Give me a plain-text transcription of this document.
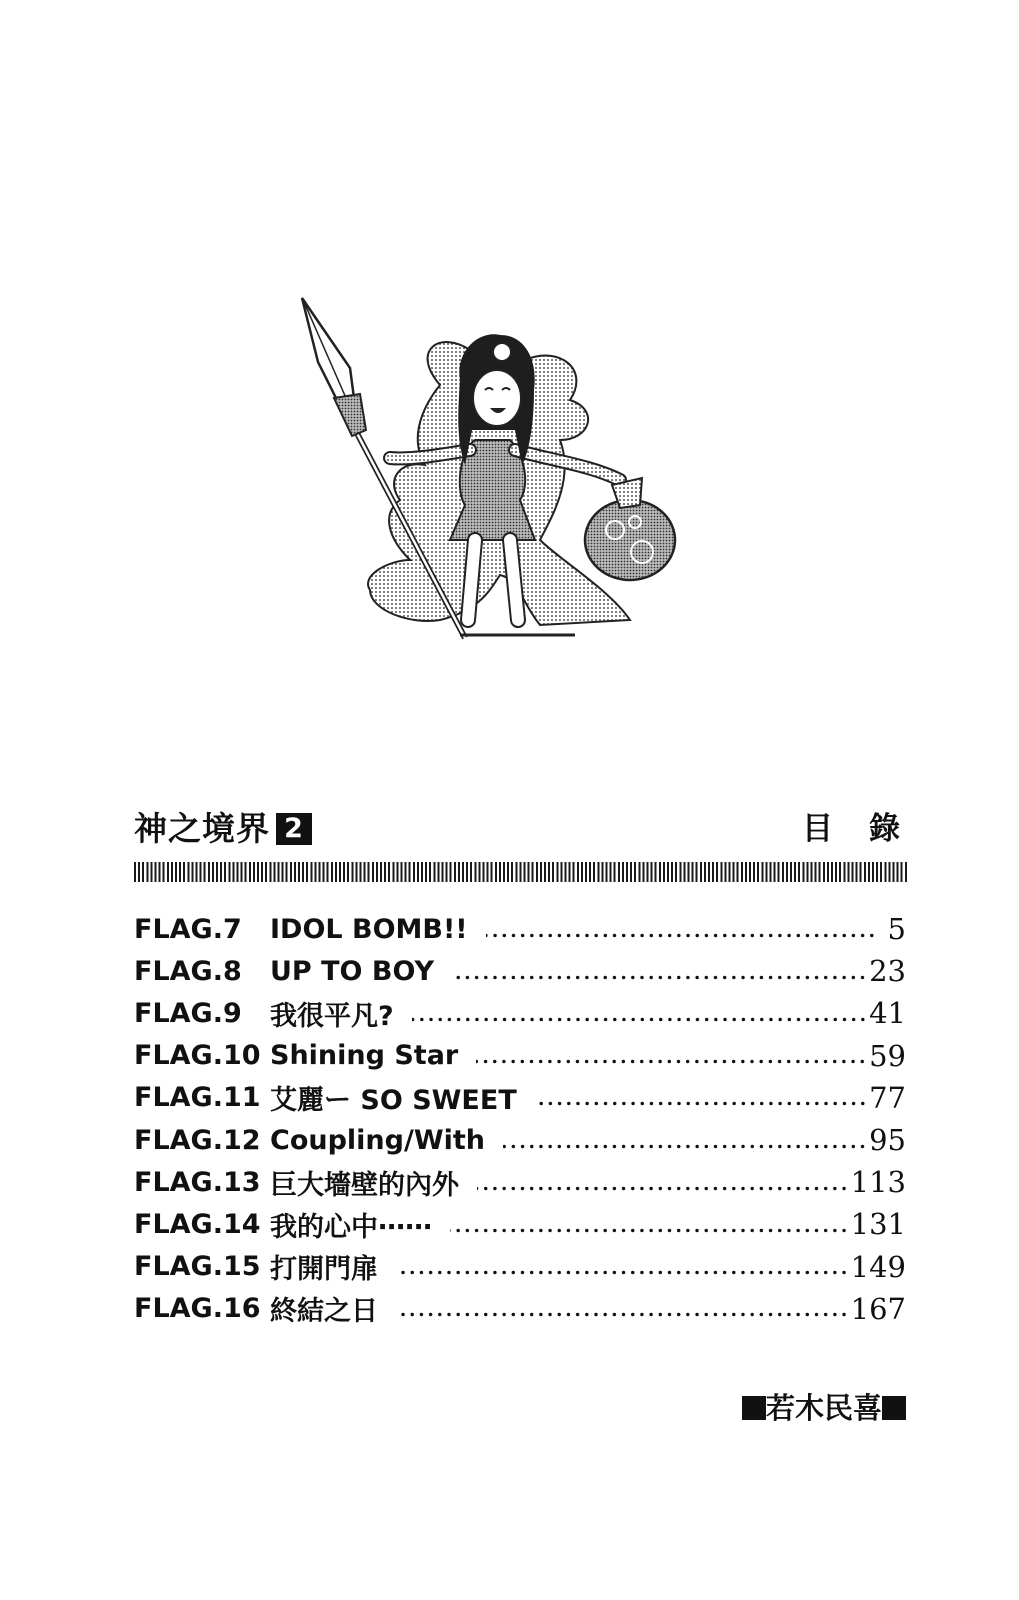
神之境界 2	目錄
FLAG.7	IDOL BOMB!!	5
FLAG.8	UP TO BOY	23
FLAG.9	我很平凡?	41
FLAG.10 Shining Star	59
FLAG.11 艾麗ー SO SWEET	77
FLAG.12 Coupling/With	95
FLAG.13 巨大墻壁的內外	113
FLAG.14 我的心中⋯⋯	131
FLAG.15 打開門扉	149
FLAG.16 終結之日	167
若木民喜
